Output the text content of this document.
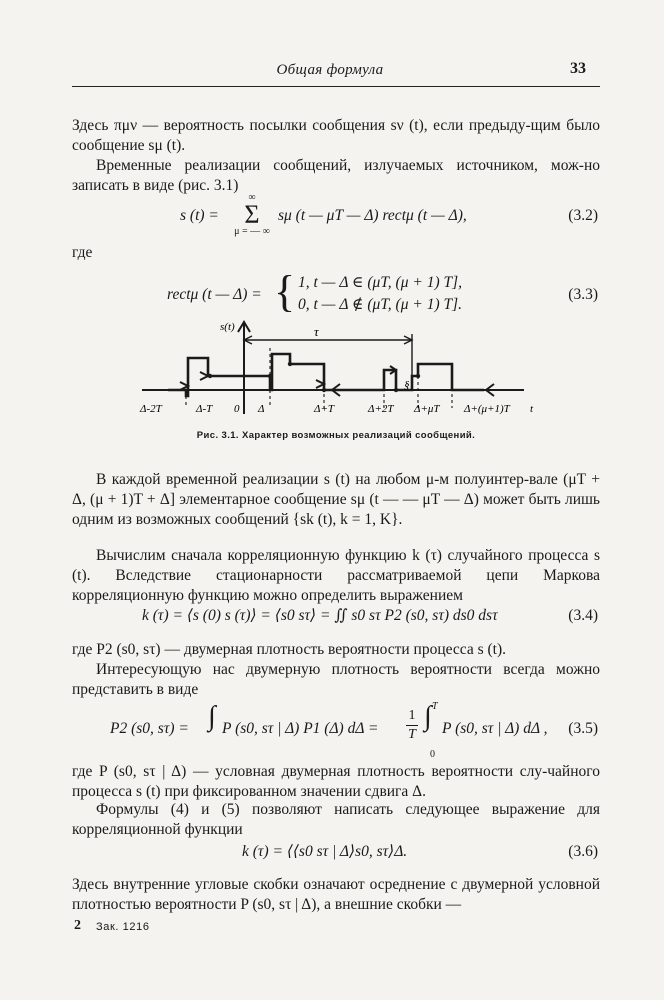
Общая формула	33

Здесь πμν — вероятность посылки сообщения sν (t), если предыду-щим было сообщение sμ (t).

Временные реализации сообщений, излучаемых источником, мож-но записать в виде (рис. 3.1)

s (t) =
∞
Σ
μ = — ∞
sμ (t — μT — Δ) rectμ (t — Δ),	(3.2)
где
rectμ (t — Δ) = { 1, t — Δ ∈ (μT, (μ + 1) T],
0, t — Δ ∉ (μT, (μ + 1) T].
(3.3)
s(t)	τ
§
Δ-2T	Δ-T 0 Δ	Δ+T	Δ+2T Δ+μT Δ+(μ+1)T t
Рис. 3.1. Характер возможных реализаций сообщений.

В каждой временной реализации s (t) на любом μ-м полуинтер-вале (μT + Δ, (μ + 1)T + Δ] элементарное сообщение sμ (t — — μT — Δ) может быть лишь одним из возможных сообщений {sk (t), k = 1, K}.

Вычислим сначала корреляционную функцию k (τ) случайного процесса s (t). Вследствие стационарности рассматриваемой цепи Маркова корреляционную функцию можно определить выражением

k (τ) = ⟨s (0) s (τ)⟩ = ⟨s0 sτ⟩ = ∬ s0 sτ P2 (s0, sτ) ds0 dsτ	(3.4)

где P2 (s0, sτ) — двумерная плотность вероятности процесса s (t).

Интересующую нас двумерную плотность вероятности всегда можно представить в виде

P2 (s0, sτ) = ∫ P (s0, sτ | Δ) P1 (Δ) dΔ =
1
T
T
∫
0
P (s0, sτ | Δ) dΔ , (3.5)

где P (s0, sτ | Δ) — условная двумерная плотность вероятности слу-чайного процесса s (t) при фиксированном значении сдвига Δ.

Формулы (4) и (5) позволяют написать следующее выражение для корреляционной функции

k (τ) = ⟨⟨s0 sτ | Δ⟩s0, sτ⟩Δ.	(3.6)

Здесь внутренние угловые скобки означают осреднение с двумерной условной плотностью вероятности P (s0, sτ | Δ), а внешние скобки —

2 Зак. 1216
